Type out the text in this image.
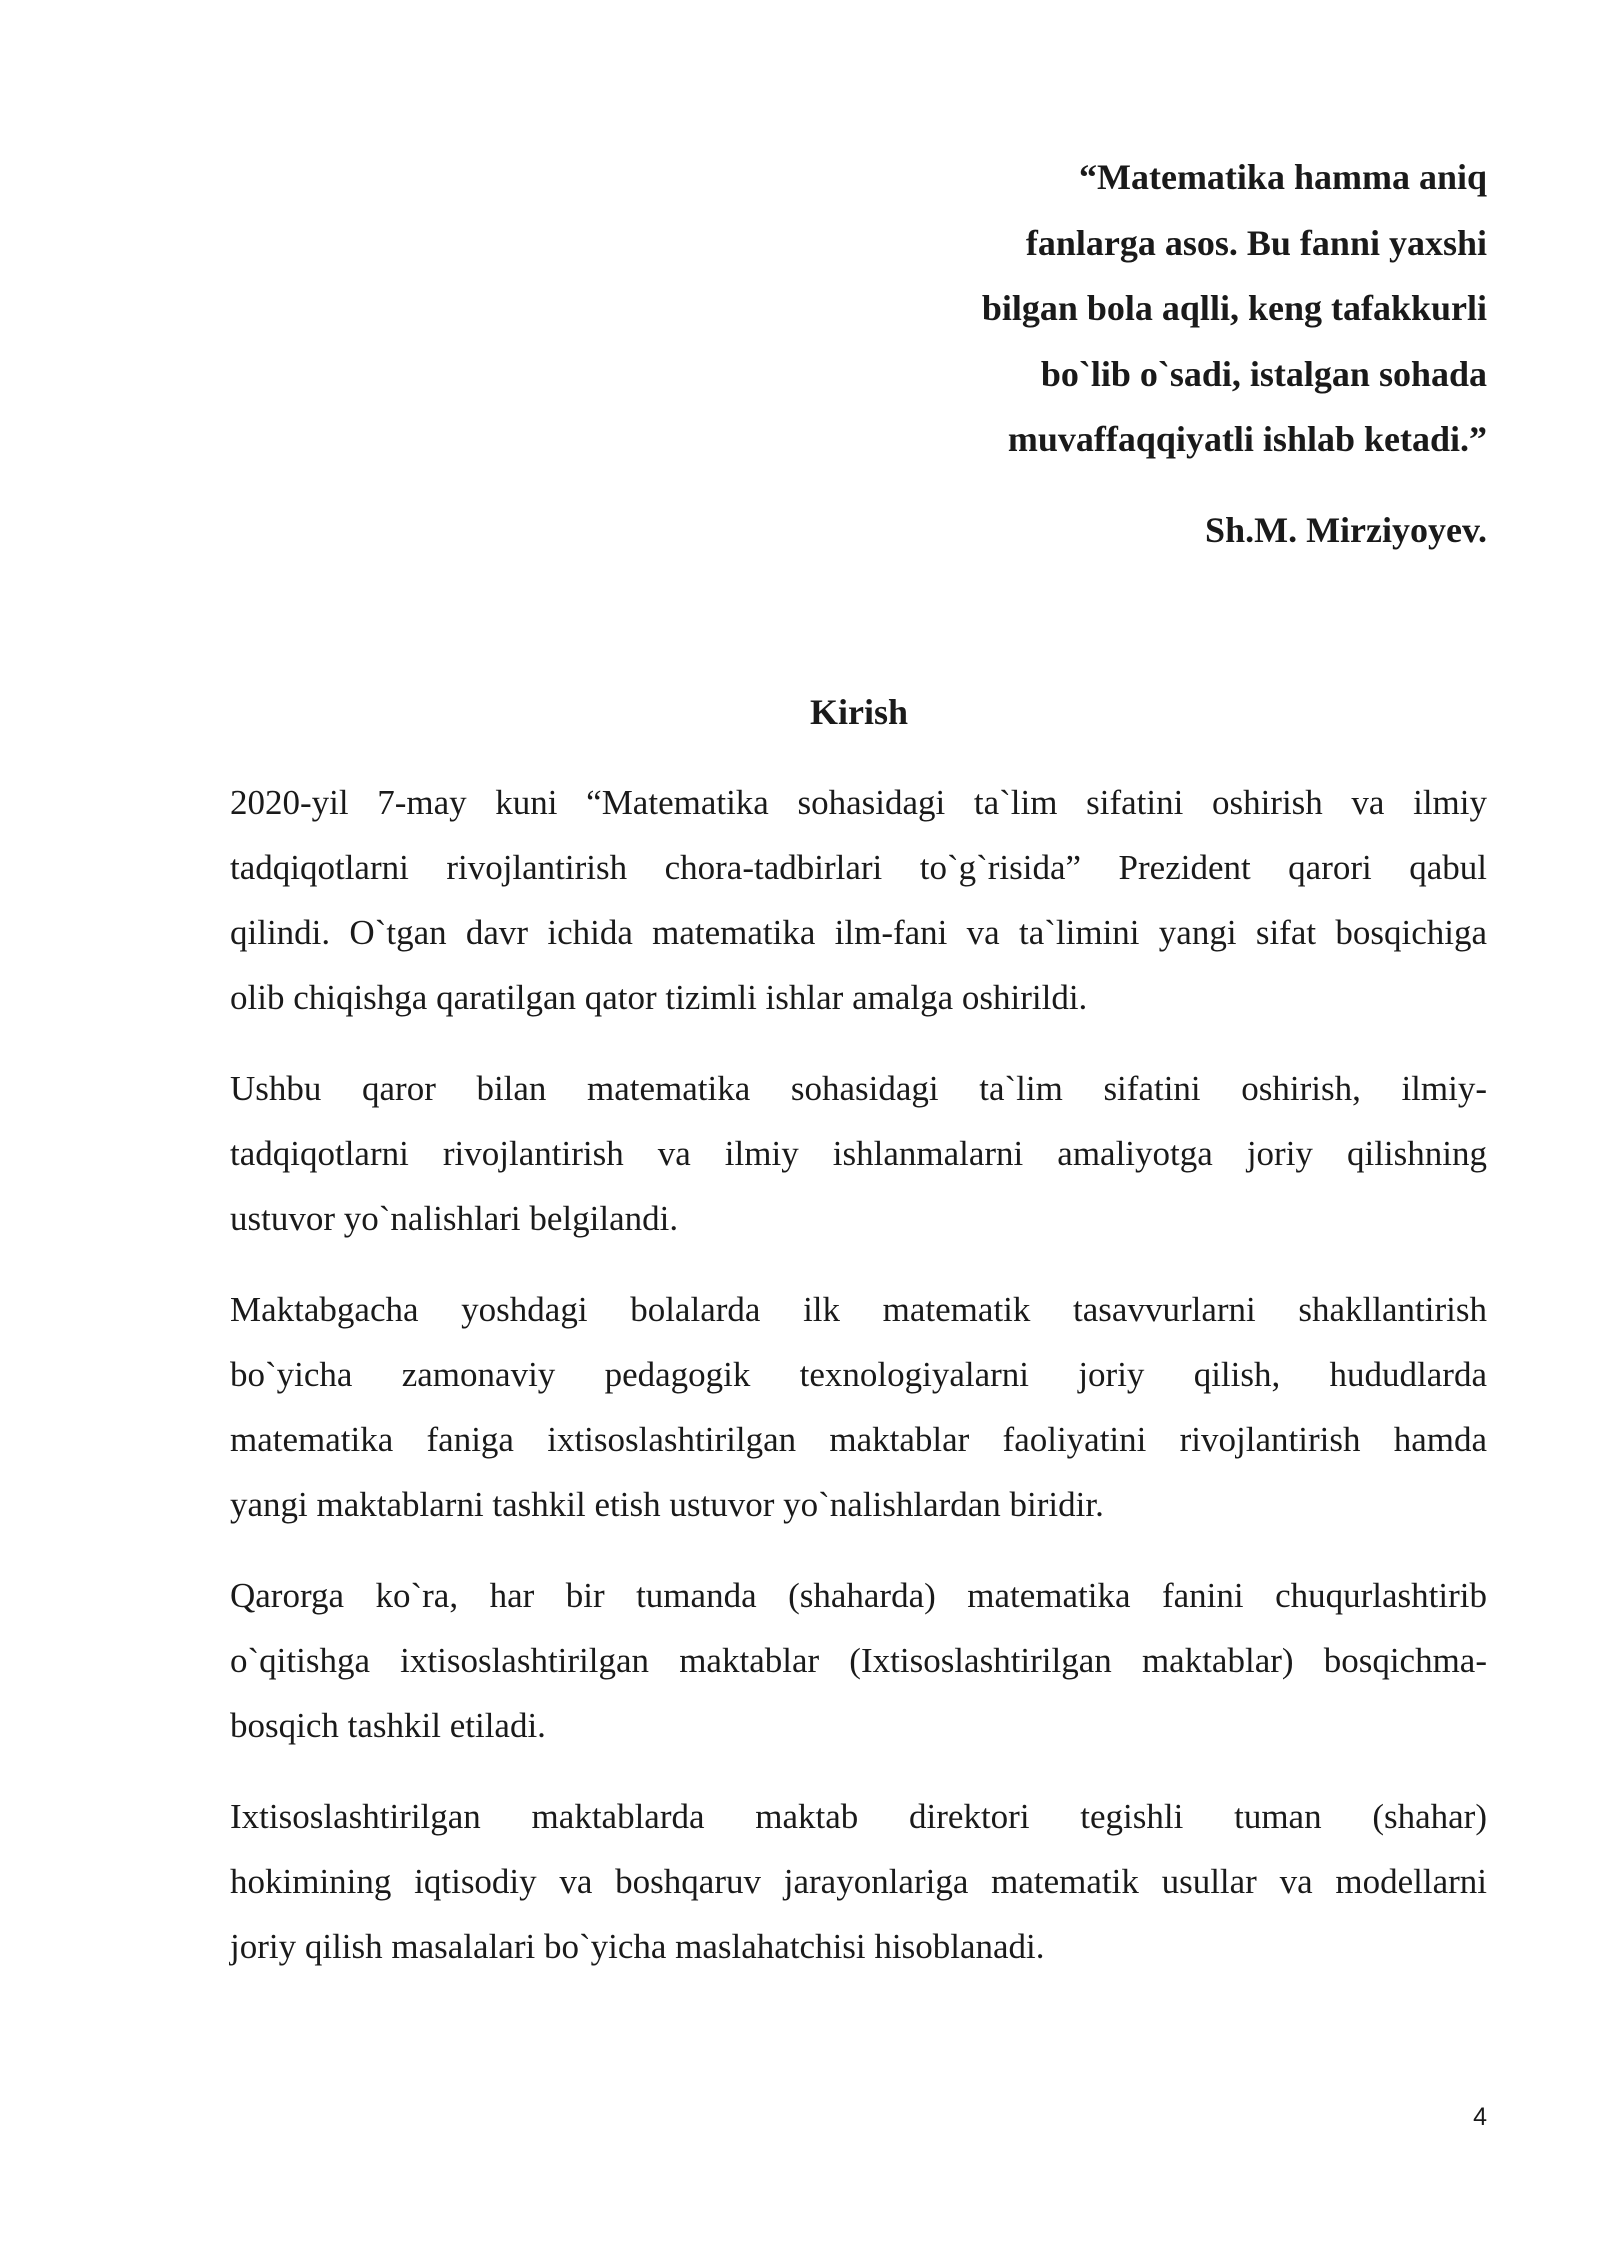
“Matematika hamma aniq
fanlarga asos. Bu fanni yaxshi
bilgan bola aqlli, keng tafakkurli
bo`lib o`sadi, istalgan sohada
muvaffaqqiyatli ishlab ketadi.”
Sh.M. Mirziyoyev.
Kirish

2020-yil 7-may kuni “Matematika sohasidagi ta`lim sifatini oshirish va ilmiy
tadqiqotlarni rivojlantirish chora-tadbirlari to`g`risida” Prezident qarori qabul
qilindi. O`tgan davr ichida matematika ilm-fani va ta`limini yangi sifat bosqichiga
olib chiqishga qaratilgan qator tizimli ishlar amalga oshirildi.

Ushbu qaror bilan matematika sohasidagi ta`lim sifatini oshirish, ilmiy-
tadqiqotlarni rivojlantirish va ilmiy ishlanmalarni amaliyotga joriy qilishning
ustuvor yo`nalishlari belgilandi.

Maktabgacha yoshdagi bolalarda ilk matematik tasavvurlarni shakllantirish
bo`yicha zamonaviy pedagogik texnologiyalarni joriy qilish, hududlarda
matematika faniga ixtisoslashtirilgan maktablar faoliyatini rivojlantirish hamda
yangi maktablarni tashkil etish ustuvor yo`nalishlardan biridir.

Qarorga ko`ra, har bir tumanda (shaharda) matematika fanini chuqurlashtirib
o`qitishga ixtisoslashtirilgan maktablar (Ixtisoslashtirilgan maktablar) bosqichma-
bosqich tashkil etiladi.

Ixtisoslashtirilgan maktablarda maktab direktori tegishli tuman (shahar)
hokimining iqtisodiy va boshqaruv jarayonlariga matematik usullar va modellarni
joriy qilish masalalari bo`yicha maslahatchisi hisoblanadi.

4
